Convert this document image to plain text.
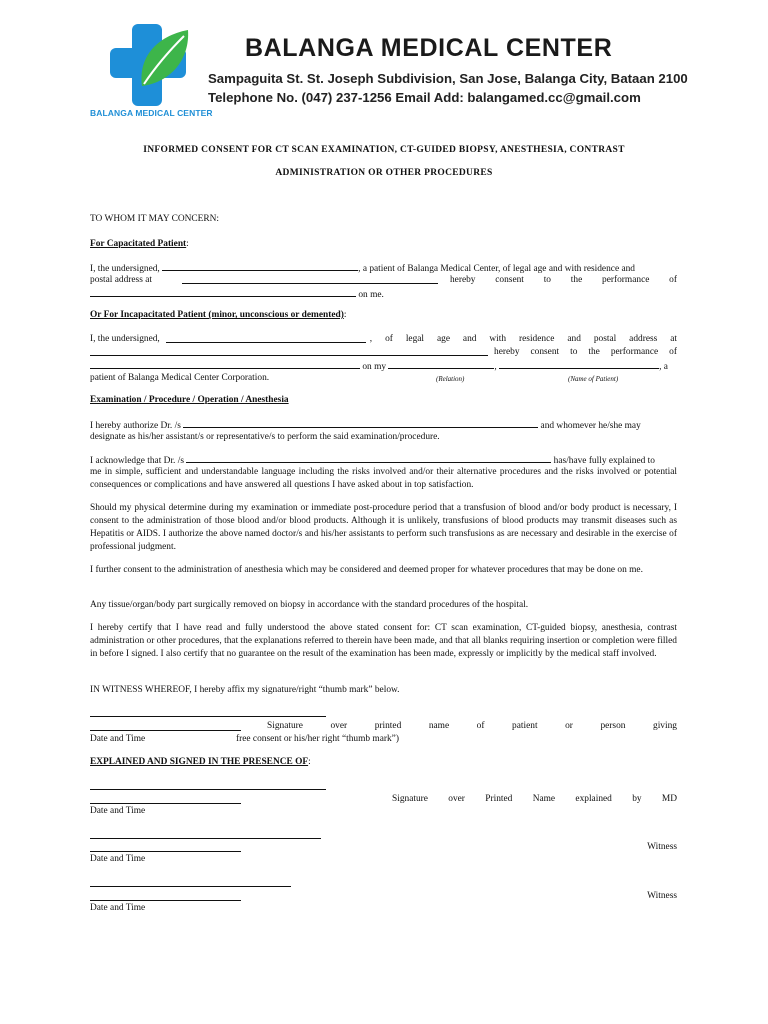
BALANGA MEDICAL CENTER
BALANGA MEDICAL CENTER
Sampaguita St. St. Joseph Subdivision, San Jose, Balanga City, Bataan 2100
Telephone No. (047) 237-1256 Email Add: balangamed.cc@gmail.com
INFORMED CONSENT FOR CT SCAN EXAMINATION, CT-GUIDED BIOPSY, ANESTHESIA, CONTRAST
ADMINISTRATION OR OTHER PROCEDURES
TO WHOM IT MAY CONCERN:
For Capacitated Patient:
I, the undersigned,	, a patient of Balanga Medical Center, of legal age and with residence and
postal address at	hereby consent to the performance of
on me.
Or For Incapacitated Patient (minor, unconscious or demented):
I, the undersigned,	, of legal age and with residence and postal address at
hereby consent to the performance of
on my	,	, a
patient of Balanga Medical Center Corporation.	(Relation)	(Name of Patient)
Examination / Procedure / Operation / Anesthesia
I hereby authorize Dr. /s	and whomever he/she may
designate as his/her assistant/s or representative/s to perform the said examination/procedure.
I acknowledge that Dr. /s	has/have fully explained to
me in simple, sufficient and understandable language including the risks involved and/or their alternative procedures and the risks involved or potential consequences or complications and have answered all questions I have asked about in top satisfaction.
Should my physical determine during my examination or immediate post-procedure period that a transfusion of blood and/or body product is necessary, I consent to the administration of those blood and/or blood products. Although it is unlikely, transfusions of blood products may transmit diseases such as Hepatitis or AIDS. I authorize the above named doctor/s and his/her assistants to perform such transfusions as are necessary and desirable in the exercise of professional judgment.
I further consent to the administration of anesthesia which may be considered and deemed proper for whatever procedures that may be done on me.
Any tissue/organ/body part surgically removed on biopsy in accordance with the standard procedures of the hospital.
I hereby certify that I have read and fully understood the above stated consent for: CT scan examination, CT-guided biopsy, anesthesia, contrast administration or other procedures, that the explanations referred to therein have been made, and that all blanks requiring insertion or completion were filled in before I signed. I also certify that no guarantee on the result of the examination has been made, expressly or implicitly by the medical staff involved.
IN WITNESS WHEREOF, I hereby affix my signature/right “thumb mark” below.
Signature	over	printed	name	of	patient	or	person	giving
Date and Time	free consent or his/her right “thumb mark”)
EXPLAINED AND SIGNED IN THE PRESENCE OF:
Signature over Printed Name explained by MD
Date and Time
Witness
Date and Time
Witness
Date and Time
